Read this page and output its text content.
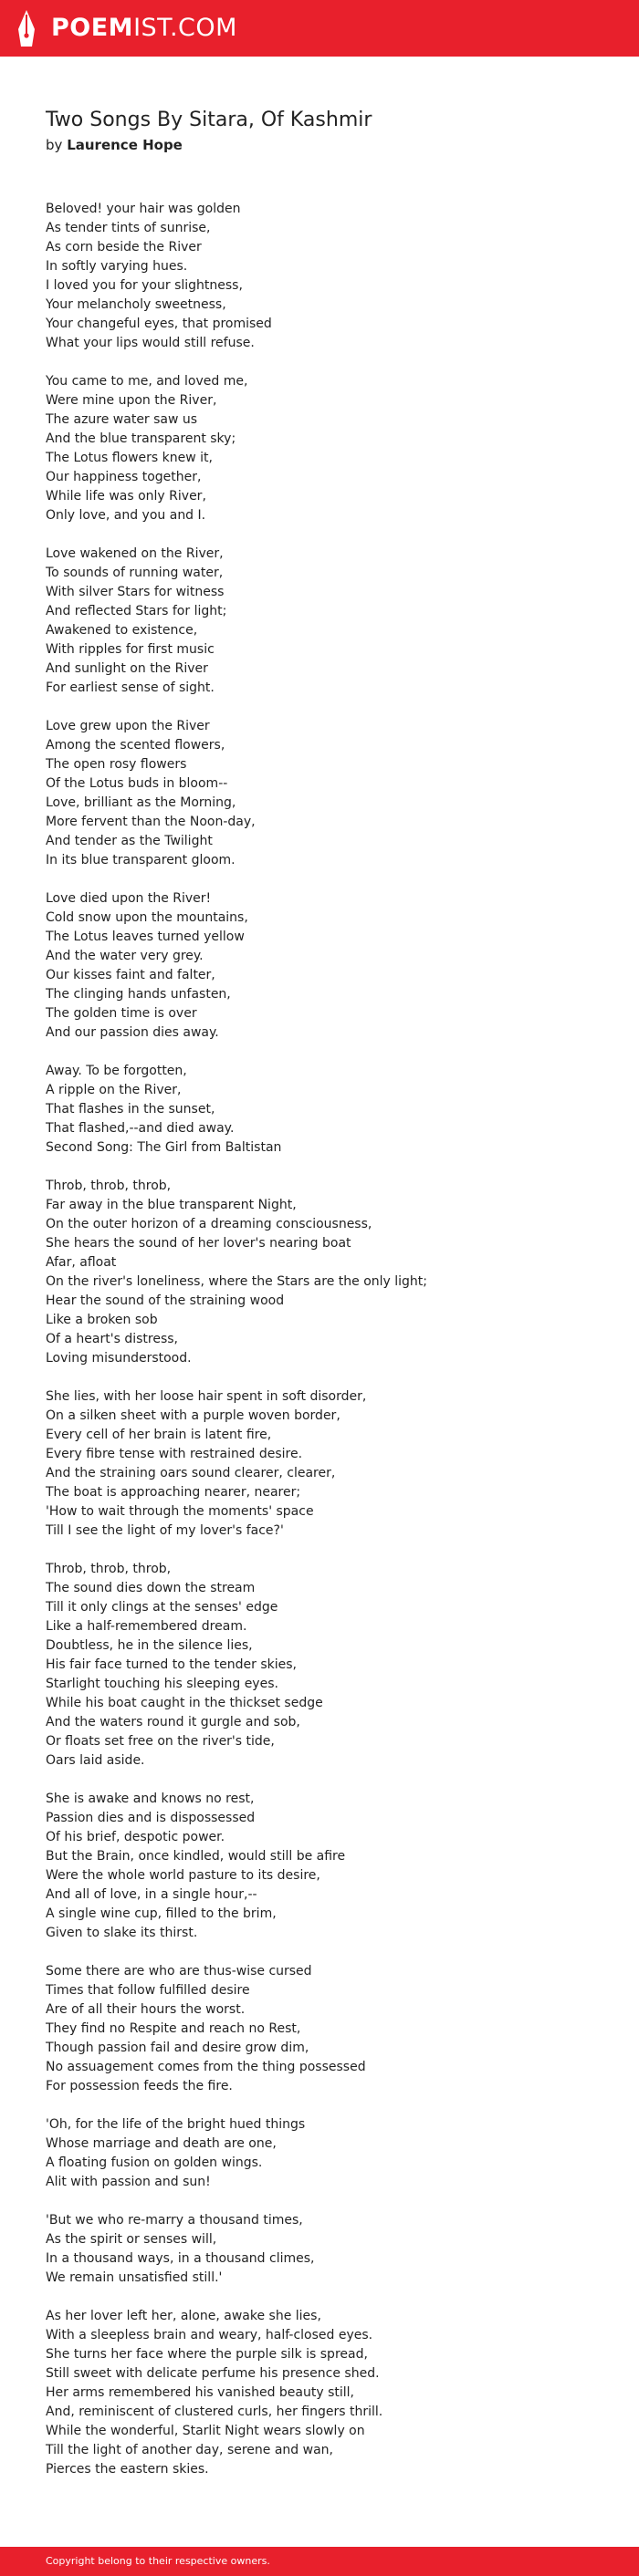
POEMIST.COM
Two Songs By Sitara, Of Kashmir
by Laurence Hope
Beloved! your hair was golden
As tender tints of sunrise,
As corn beside the River
In softly varying hues.
I loved you for your slightness,
Your melancholy sweetness,
Your changeful eyes, that promised
What your lips would still refuse.
You came to me, and loved me,
Were mine upon the River,
The azure water saw us
And the blue transparent sky;
The Lotus flowers knew it,
Our happiness together,
While life was only River,
Only love, and you and I.
Love wakened on the River,
To sounds of running water,
With silver Stars for witness
And reflected Stars for light;
Awakened to existence,
With ripples for first music
And sunlight on the River
For earliest sense of sight.
Love grew upon the River
Among the scented flowers,
The open rosy flowers
Of the Lotus buds in bloom--
Love, brilliant as the Morning,
More fervent than the Noon-day,
And tender as the Twilight
In its blue transparent gloom.
Love died upon the River!
Cold snow upon the mountains,
The Lotus leaves turned yellow
And the water very grey.
Our kisses faint and falter,
The clinging hands unfasten,
The golden time is over
And our passion dies away.
Away. To be forgotten,
A ripple on the River,
That flashes in the sunset,
That flashed,--and died away.
Second Song: The Girl from Baltistan
Throb, throb, throb,
Far away in the blue transparent Night,
On the outer horizon of a dreaming consciousness,
She hears the sound of her lover's nearing boat
Afar, afloat
On the river's loneliness, where the Stars are the only light;
Hear the sound of the straining wood
Like a broken sob
Of a heart's distress,
Loving misunderstood.
She lies, with her loose hair spent in soft disorder,
On a silken sheet with a purple woven border,
Every cell of her brain is latent fire,
Every fibre tense with restrained desire.
And the straining oars sound clearer, clearer,
The boat is approaching nearer, nearer;
'How to wait through the moments' space
Till I see the light of my lover's face?'
Throb, throb, throb,
The sound dies down the stream
Till it only clings at the senses' edge
Like a half-remembered dream.
Doubtless, he in the silence lies,
His fair face turned to the tender skies,
Starlight touching his sleeping eyes.
While his boat caught in the thickset sedge
And the waters round it gurgle and sob,
Or floats set free on the river's tide,
Oars laid aside.
She is awake and knows no rest,
Passion dies and is dispossessed
Of his brief, despotic power.
But the Brain, once kindled, would still be afire
Were the whole world pasture to its desire,
And all of love, in a single hour,--
A single wine cup, filled to the brim,
Given to slake its thirst.
Some there are who are thus-wise cursed
Times that follow fulfilled desire
Are of all their hours the worst.
They find no Respite and reach no Rest,
Though passion fail and desire grow dim,
No assuagement comes from the thing possessed
For possession feeds the fire.
'Oh, for the life of the bright hued things
Whose marriage and death are one,
A floating fusion on golden wings.
Alit with passion and sun!
'But we who re-marry a thousand times,
As the spirit or senses will,
In a thousand ways, in a thousand climes,
We remain unsatisfied still.'
As her lover left her, alone, awake she lies,
With a sleepless brain and weary, half-closed eyes.
She turns her face where the purple silk is spread,
Still sweet with delicate perfume his presence shed.
Her arms remembered his vanished beauty still,
And, reminiscent of clustered curls, her fingers thrill.
While the wonderful, Starlit Night wears slowly on
Till the light of another day, serene and wan,
Pierces the eastern skies.
Copyright belong to their respective owners.
